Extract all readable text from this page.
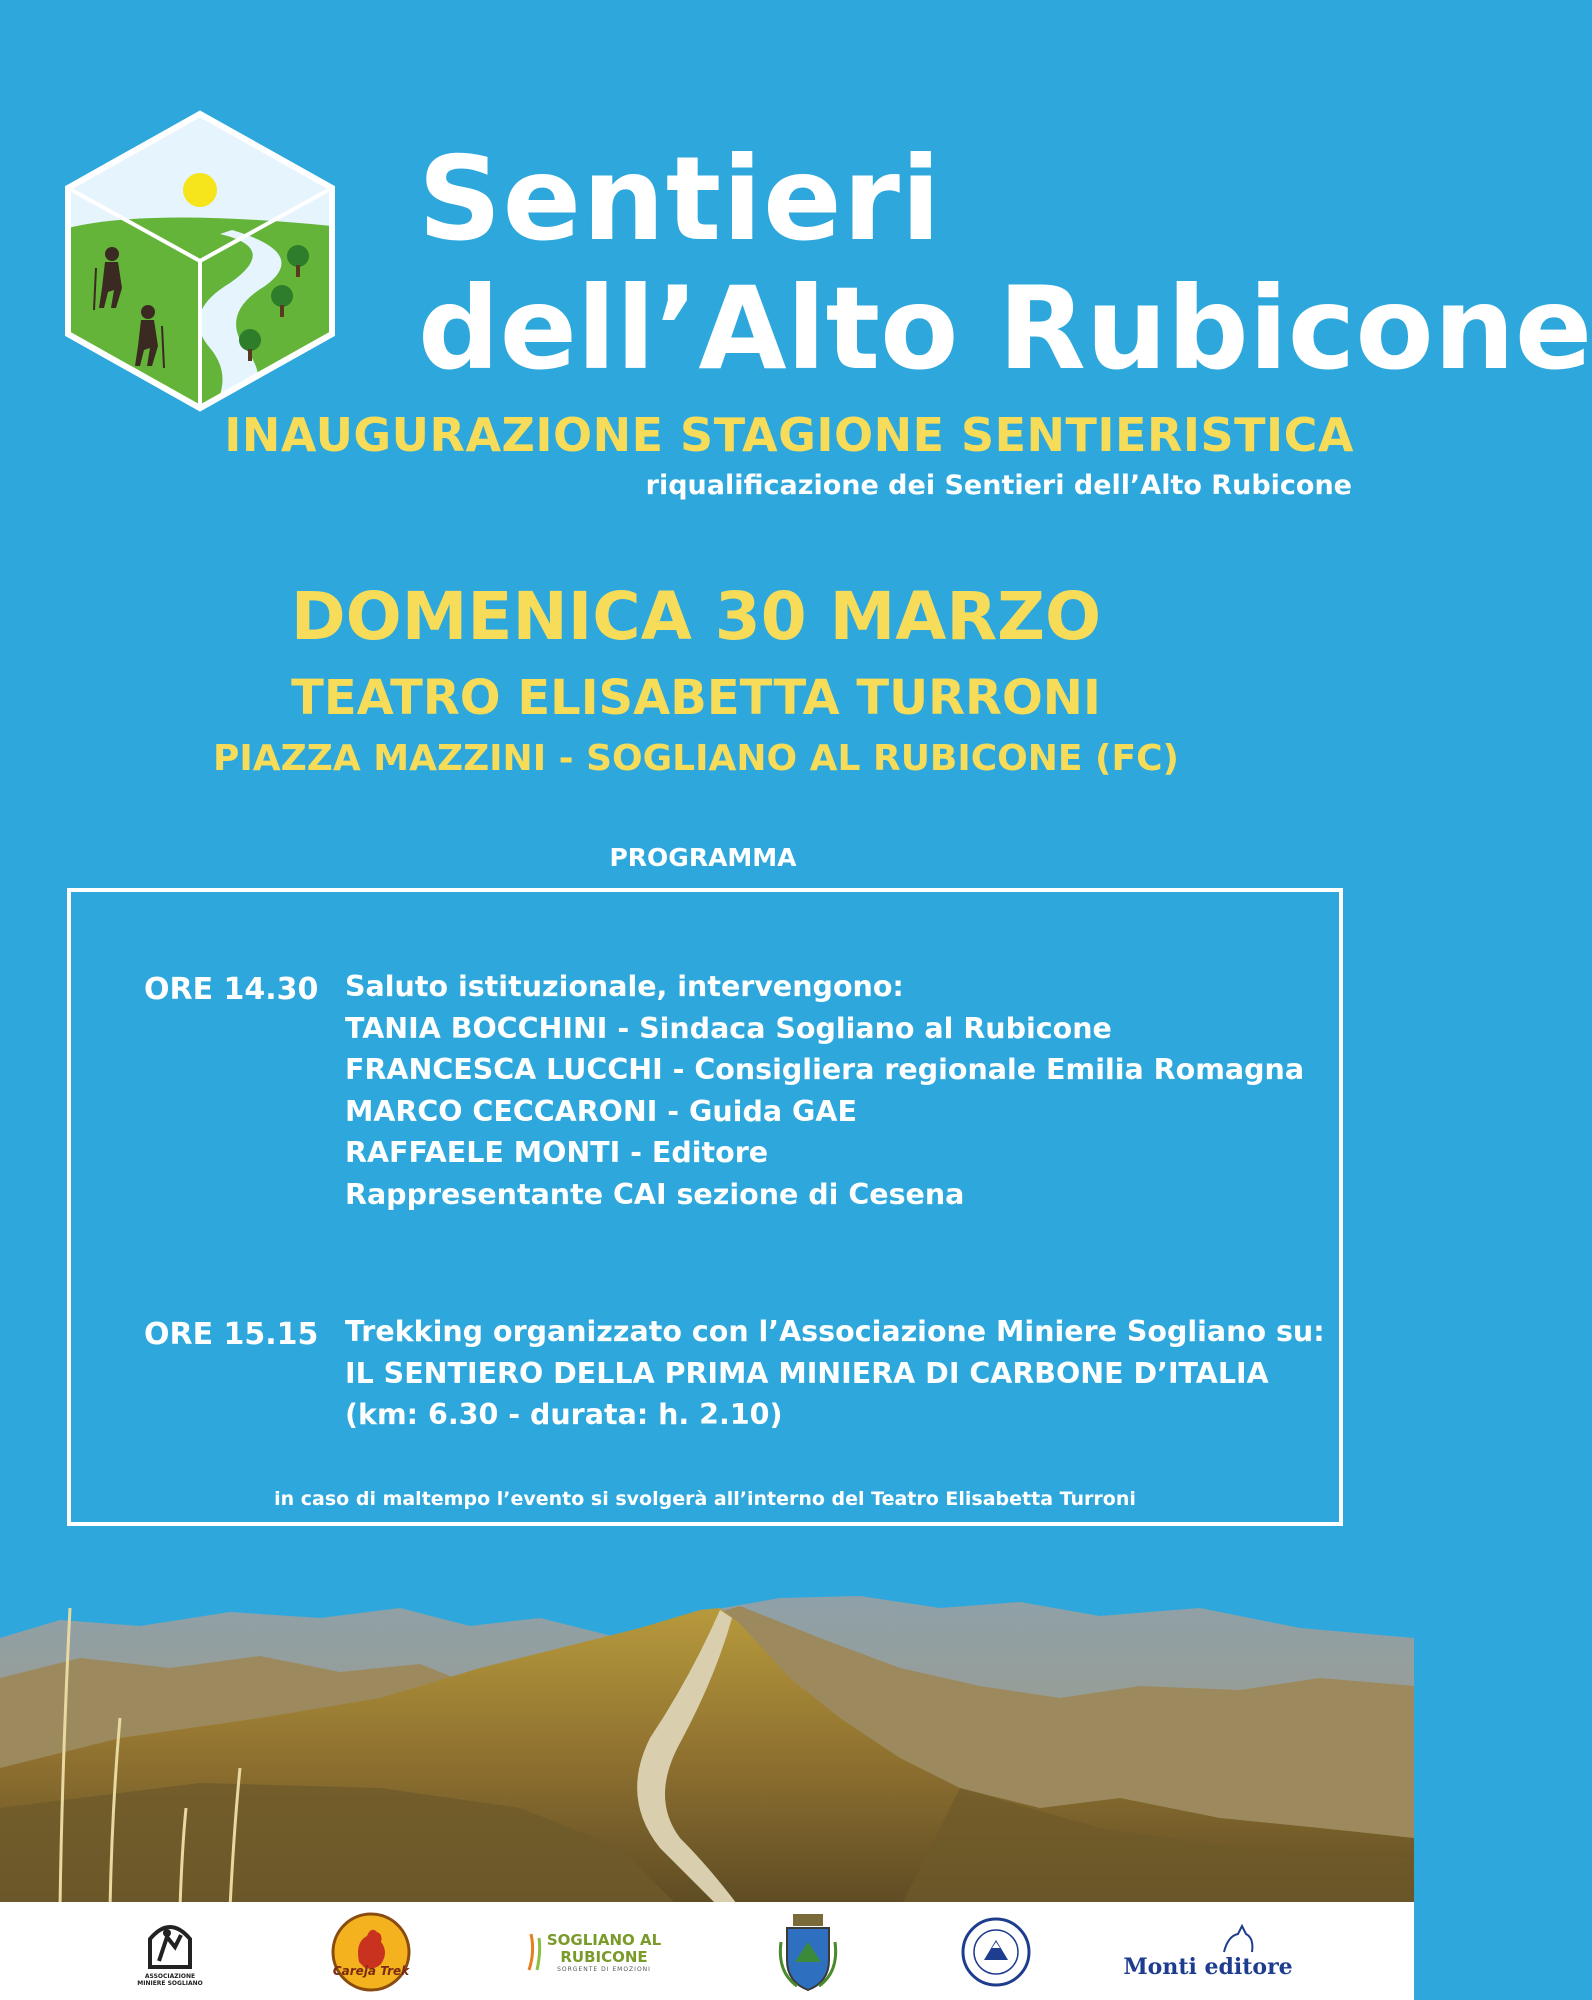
Sentieri
dell’Alto Rubicone
INAUGURAZIONE STAGIONE SENTIERISTICA
riqualificazione dei Sentieri dell’Alto Rubicone
DOMENICA 30 MARZO
TEATRO ELISABETTA TURRONI
PIAZZA MAZZINI - SOGLIANO AL RUBICONE (FC)
PROGRAMMA
ORE 14.30 Saluto istituzionale, intervengono:
TANIA BOCCHINI - Sindaca Sogliano al Rubicone
FRANCESCA LUCCHI - Consigliera regionale Emilia Romagna
MARCO CECCARONI - Guida GAE
RAFFAELE MONTI - Editore
Rappresentante CAI sezione di Cesena
ORE 15.15 Trekking organizzato con l’Associazione Miniere Sogliano su:
IL SENTIERO DELLA PRIMA MINIERA DI CARBONE D’ITALIA
(km: 6.30 - durata: h. 2.10)
in caso di maltempo l’evento si svolgerà all’interno del Teatro Elisabetta Turroni
ASSOCIAZIONE MINIERE SOGLIANO
Careja Trek
SOGLIANO AL RUBICONE
SORGENTE DI EMOZIONI	Monti editore
